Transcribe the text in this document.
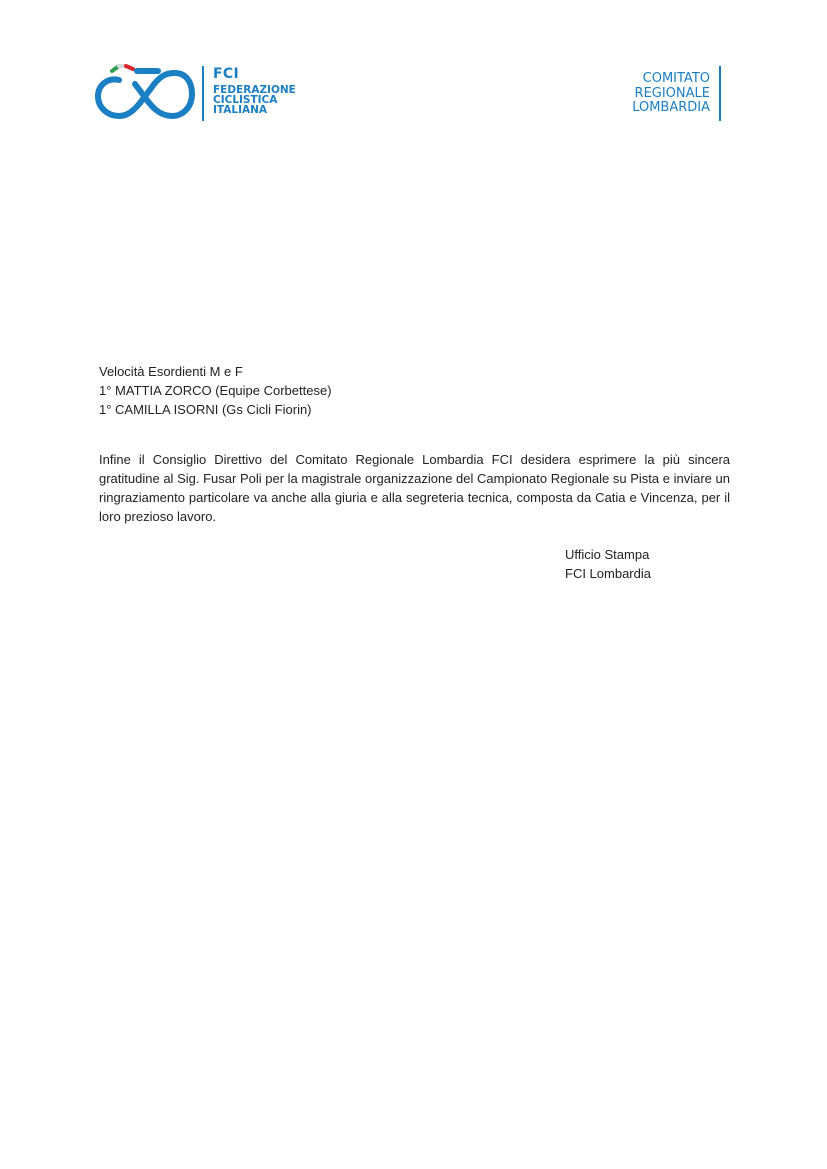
FCI
FEDERAZIONE
CICLISTICA
ITALIANA
COMITATO
REGIONALE
LOMBARDIA
Velocità Esordienti M e F
1° MATTIA ZORCO (Equipe Corbettese)
1° CAMILLA ISORNI (Gs Cicli Fiorin)
Infine il Consiglio Direttivo del Comitato Regionale Lombardia FCI desidera esprimere la più sincera gratitudine al Sig. Fusar Poli per la magistrale organizzazione del Campionato Regionale su Pista e inviare un ringraziamento particolare va anche alla giuria e alla segreteria tecnica, composta da Catia e Vincenza, per il loro prezioso lavoro.
Ufficio Stampa
FCI Lombardia
